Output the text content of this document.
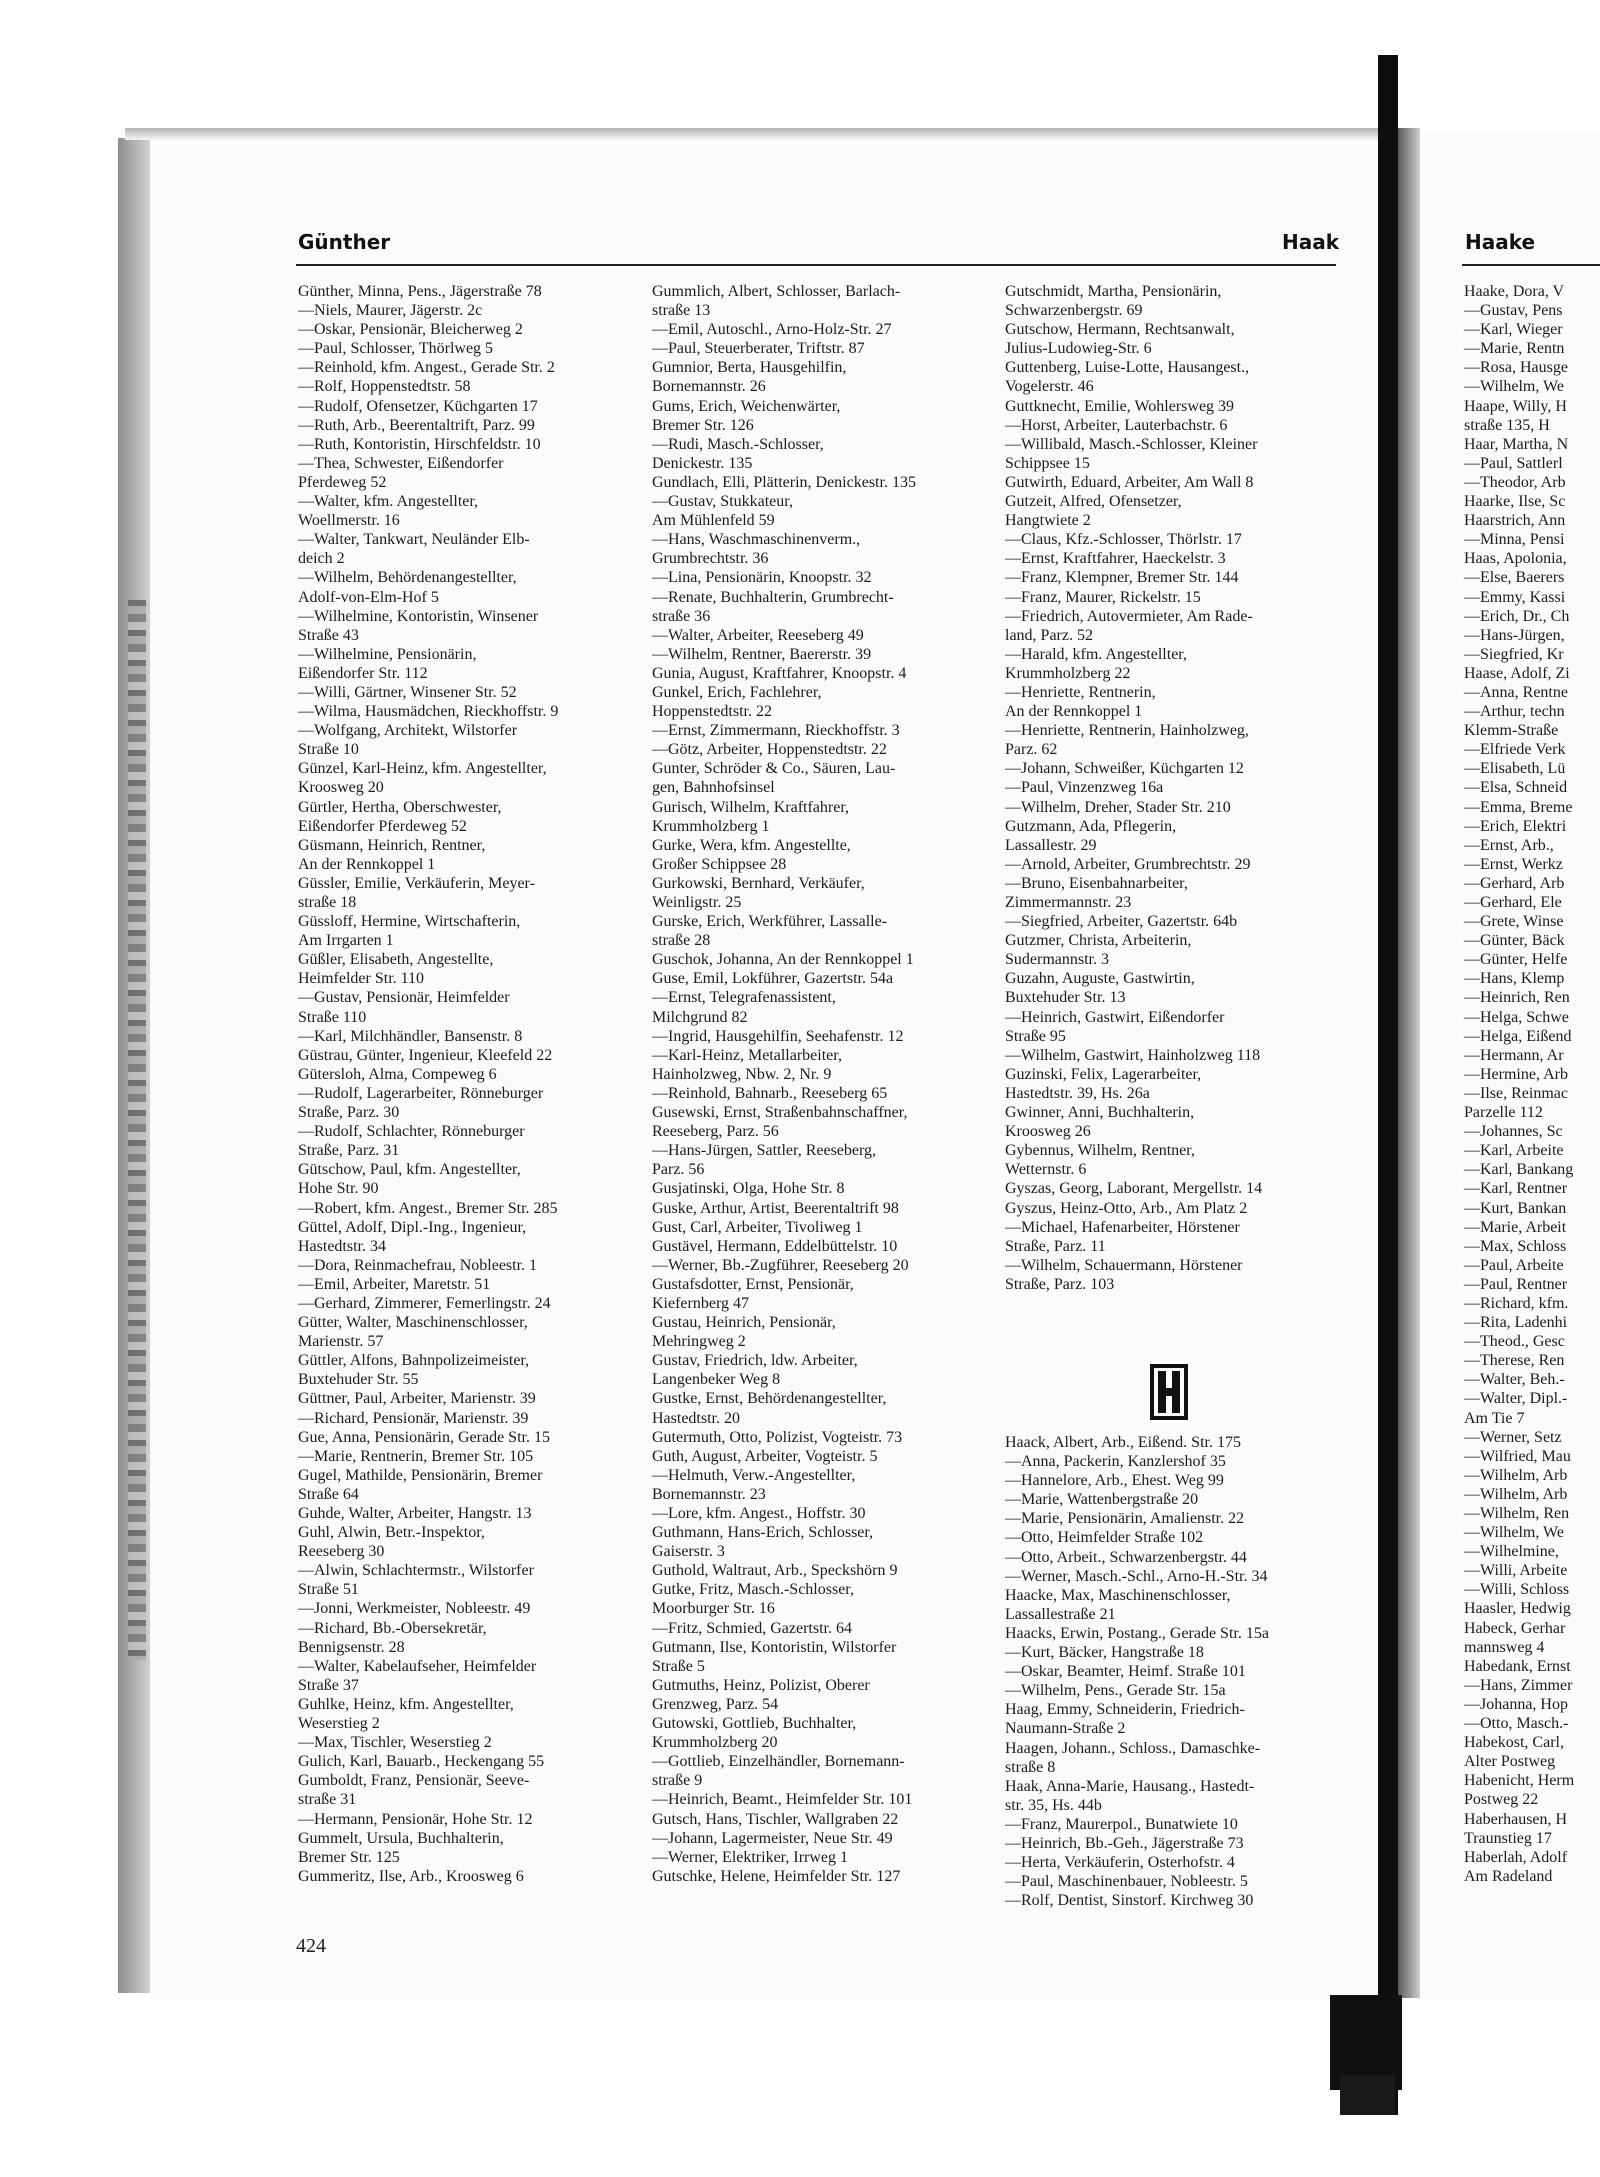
Günther	Haak	Haake
Günther, Minna, Pens., Jägerstraße 78
—Niels, Maurer, Jägerstr. 2c
—Oskar, Pensionär, Bleicherweg 2
—Paul, Schlosser, Thörlweg 5
—Reinhold, kfm. Angest., Gerade Str. 2
—Rolf, Hoppenstedtstr. 58
—Rudolf, Ofensetzer, Küchgarten 17
—Ruth, Arb., Beerentaltrift, Parz. 99
—Ruth, Kontoristin, Hirschfeldstr. 10
—Thea, Schwester, Eißendorfer
Pferdeweg 52
—Walter, kfm. Angestellter,
Woellmerstr. 16
—Walter, Tankwart, Neuländer Elb-
deich 2
—Wilhelm, Behördenangestellter,
Adolf-von-Elm-Hof 5
—Wilhelmine, Kontoristin, Winsener
Straße 43
—Wilhelmine, Pensionärin,
Eißendorfer Str. 112
—Willi, Gärtner, Winsener Str. 52
—Wilma, Hausmädchen, Rieckhoffstr. 9
—Wolfgang, Architekt, Wilstorfer
Straße 10
Günzel, Karl-Heinz, kfm. Angestellter,
Kroosweg 20
Gürtler, Hertha, Oberschwester,
Eißendorfer Pferdeweg 52
Güsmann, Heinrich, Rentner,
An der Rennkoppel 1
Güssler, Emilie, Verkäuferin, Meyer-
straße 18
Güssloff, Hermine, Wirtschafterin,
Am Irrgarten 1
Güßler, Elisabeth, Angestellte,
Heimfelder Str. 110
—Gustav, Pensionär, Heimfelder
Straße 110
—Karl, Milchhändler, Bansenstr. 8
Güstrau, Günter, Ingenieur, Kleefeld 22
Gütersloh, Alma, Compeweg 6
—Rudolf, Lagerarbeiter, Rönneburger
Straße, Parz. 30
—Rudolf, Schlachter, Rönneburger
Straße, Parz. 31
Gütschow, Paul, kfm. Angestellter,
Hohe Str. 90
—Robert, kfm. Angest., Bremer Str. 285
Güttel, Adolf, Dipl.-Ing., Ingenieur,
Hastedtstr. 34
—Dora, Reinmachefrau, Nobleestr. 1
—Emil, Arbeiter, Maretstr. 51
—Gerhard, Zimmerer, Femerlingstr. 24
Gütter, Walter, Maschinenschlosser,
Marienstr. 57
Güttler, Alfons, Bahnpolizeimeister,
Buxtehuder Str. 55
Güttner, Paul, Arbeiter, Marienstr. 39
—Richard, Pensionär, Marienstr. 39
Gue, Anna, Pensionärin, Gerade Str. 15
—Marie, Rentnerin, Bremer Str. 105
Gugel, Mathilde, Pensionärin, Bremer
Straße 64
Guhde, Walter, Arbeiter, Hangstr. 13
Guhl, Alwin, Betr.-Inspektor,
Reeseberg 30
—Alwin, Schlachtermstr., Wilstorfer
Straße 51
—Jonni, Werkmeister, Nobleestr. 49
—Richard, Bb.-Obersekretär,
Bennigsenstr. 28
—Walter, Kabelaufseher, Heimfelder
Straße 37
Guhlke, Heinz, kfm. Angestellter,
Weserstieg 2
—Max, Tischler, Weserstieg 2
Gulich, Karl, Bauarb., Heckengang 55
Gumboldt, Franz, Pensionär, Seeve-
straße 31
—Hermann, Pensionär, Hohe Str. 12
Gummelt, Ursula, Buchhalterin,
Bremer Str. 125
Gummeritz, Ilse, Arb., Kroosweg 6
Gummlich, Albert, Schlosser, Barlach-
straße 13
—Emil, Autoschl., Arno-Holz-Str. 27
—Paul, Steuerberater, Triftstr. 87
Gumnior, Berta, Hausgehilfin,
Bornemannstr. 26
Gums, Erich, Weichenwärter,
Bremer Str. 126
—Rudi, Masch.-Schlosser,
Denickestr. 135
Gundlach, Elli, Plätterin, Denickestr. 135
—Gustav, Stukkateur,
Am Mühlenfeld 59
—Hans, Waschmaschinenverm.,
Grumbrechtstr. 36
—Lina, Pensionärin, Knoopstr. 32
—Renate, Buchhalterin, Grumbrecht-
straße 36
—Walter, Arbeiter, Reeseberg 49
—Wilhelm, Rentner, Baererstr. 39
Gunia, August, Kraftfahrer, Knoopstr. 4
Gunkel, Erich, Fachlehrer,
Hoppenstedtstr. 22
—Ernst, Zimmermann, Rieckhoffstr. 3
—Götz, Arbeiter, Hoppenstedtstr. 22
Gunter, Schröder & Co., Säuren, Lau-
gen, Bahnhofsinsel
Gurisch, Wilhelm, Kraftfahrer,
Krummholzberg 1
Gurke, Wera, kfm. Angestellte,
Großer Schippsee 28
Gurkowski, Bernhard, Verkäufer,
Weinligstr. 25
Gurske, Erich, Werkführer, Lassalle-
straße 28
Guschok, Johanna, An der Rennkoppel 1
Guse, Emil, Lokführer, Gazertstr. 54a
—Ernst, Telegrafenassistent,
Milchgrund 82
—Ingrid, Hausgehilfin, Seehafenstr. 12
—Karl-Heinz, Metallarbeiter,
Hainholzweg, Nbw. 2, Nr. 9
—Reinhold, Bahnarb., Reeseberg 65
Gusewski, Ernst, Straßenbahnschaffner,
Reeseberg, Parz. 56
—Hans-Jürgen, Sattler, Reeseberg,
Parz. 56
Gusjatinski, Olga, Hohe Str. 8
Guske, Arthur, Artist, Beerentaltrift 98
Gust, Carl, Arbeiter, Tivoliweg 1
Gustävel, Hermann, Eddelbüttelstr. 10
—Werner, Bb.-Zugführer, Reeseberg 20
Gustafsdotter, Ernst, Pensionär,
Kiefernberg 47
Gustau, Heinrich, Pensionär,
Mehringweg 2
Gustav, Friedrich, ldw. Arbeiter,
Langenbeker Weg 8
Gustke, Ernst, Behördenangestellter,
Hastedtstr. 20
Gutermuth, Otto, Polizist, Vogteistr. 73
Guth, August, Arbeiter, Vogteistr. 5
—Helmuth, Verw.-Angestellter,
Bornemannstr. 23
—Lore, kfm. Angest., Hoffstr. 30
Guthmann, Hans-Erich, Schlosser,
Gaiserstr. 3
Guthold, Waltraut, Arb., Speckshörn 9
Gutke, Fritz, Masch.-Schlosser,
Moorburger Str. 16
—Fritz, Schmied, Gazertstr. 64
Gutmann, Ilse, Kontoristin, Wilstorfer
Straße 5
Gutmuths, Heinz, Polizist, Oberer
Grenzweg, Parz. 54
Gutowski, Gottlieb, Buchhalter,
Krummholzberg 20
—Gottlieb, Einzelhändler, Bornemann-
straße 9
—Heinrich, Beamt., Heimfelder Str. 101
Gutsch, Hans, Tischler, Wallgraben 22
—Johann, Lagermeister, Neue Str. 49
—Werner, Elektriker, Irrweg 1
Gutschke, Helene, Heimfelder Str. 127
Gutschmidt, Martha, Pensionärin,
Schwarzenbergstr. 69
Gutschow, Hermann, Rechtsanwalt,
Julius-Ludowieg-Str. 6
Guttenberg, Luise-Lotte, Hausangest.,
Vogelerstr. 46
Guttknecht, Emilie, Wohlersweg 39
—Horst, Arbeiter, Lauterbachstr. 6
—Willibald, Masch.-Schlosser, Kleiner
Schippsee 15
Gutwirth, Eduard, Arbeiter, Am Wall 8
Gutzeit, Alfred, Ofensetzer,
Hangtwiete 2
—Claus, Kfz.-Schlosser, Thörlstr. 17
—Ernst, Kraftfahrer, Haeckelstr. 3
—Franz, Klempner, Bremer Str. 144
—Franz, Maurer, Rickelstr. 15
—Friedrich, Autovermieter, Am Rade-
land, Parz. 52
—Harald, kfm. Angestellter,
Krummholzberg 22
—Henriette, Rentnerin,
An der Rennkoppel 1
—Henriette, Rentnerin, Hainholzweg,
Parz. 62
—Johann, Schweißer, Küchgarten 12
—Paul, Vinzenzweg 16a
—Wilhelm, Dreher, Stader Str. 210
Gutzmann, Ada, Pflegerin,
Lassallestr. 29
—Arnold, Arbeiter, Grumbrechtstr. 29
—Bruno, Eisenbahnarbeiter,
Zimmermannstr. 23
—Siegfried, Arbeiter, Gazertstr. 64b
Gutzmer, Christa, Arbeiterin,
Sudermannstr. 3
Guzahn, Auguste, Gastwirtin,
Buxtehuder Str. 13
—Heinrich, Gastwirt, Eißendorfer
Straße 95
—Wilhelm, Gastwirt, Hainholzweg 118
Guzinski, Felix, Lagerarbeiter,
Hastedtstr. 39, Hs. 26a
Gwinner, Anni, Buchhalterin,
Kroosweg 26
Gybennus, Wilhelm, Rentner,
Wetternstr. 6
Gyszas, Georg, Laborant, Mergellstr. 14
Gyszus, Heinz-Otto, Arb., Am Platz 2
—Michael, Hafenarbeiter, Hörstener
Straße, Parz. 11
—Wilhelm, Schauermann, Hörstener
Straße, Parz. 103
Haack, Albert, Arb., Eißend. Str. 175
—Anna, Packerin, Kanzlershof 35
—Hannelore, Arb., Ehest. Weg 99
—Marie, Wattenbergstraße 20
—Marie, Pensionärin, Amalienstr. 22
—Otto, Heimfelder Straße 102
—Otto, Arbeit., Schwarzenbergstr. 44
—Werner, Masch.-Schl., Arno-H.-Str. 34
Haacke, Max, Maschinenschlosser,
Lassallestraße 21
Haacks, Erwin, Postang., Gerade Str. 15a
—Kurt, Bäcker, Hangstraße 18
—Oskar, Beamter, Heimf. Straße 101
—Wilhelm, Pens., Gerade Str. 15a
Haag, Emmy, Schneiderin, Friedrich-
Naumann-Straße 2
Haagen, Johann., Schloss., Damaschke-
straße 8
Haak, Anna-Marie, Hausang., Hastedt-
str. 35, Hs. 44b
—Franz, Maurerpol., Bunatwiete 10
—Heinrich, Bb.-Geh., Jägerstraße 73
—Herta, Verkäuferin, Osterhofstr. 4
—Paul, Maschinenbauer, Nobleestr. 5
—Rolf, Dentist, Sinstorf. Kirchweg 30
Haake, Dora, V
—Gustav, Pens
—Karl, Wieger
—Marie, Rentn
—Rosa, Hausge
—Wilhelm, We
Haape, Willy, H
straße 135, H
Haar, Martha, N
—Paul, Sattlerl
—Theodor, Arb
Haarke, Ilse, Sc
Haarstrich, Ann
—Minna, Pensi
Haas, Apolonia,
—Else, Baerers
—Emmy, Kassi
—Erich, Dr., Ch
—Hans-Jürgen,
—Siegfried, Kr
Haase, Adolf, Zi
—Anna, Rentne
—Arthur, techn
Klemm-Straße
—Elfriede Verk
—Elisabeth, Lü
—Elsa, Schneid
—Emma, Breme
—Erich, Elektri
—Ernst, Arb.,
—Ernst, Werkz
—Gerhard, Arb
—Gerhard, Ele
—Grete, Winse
—Günter, Bäck
—Günter, Helfe
—Hans, Klemp
—Heinrich, Ren
—Helga, Schwe
—Helga, Eißend
—Hermann, Ar
—Hermine, Arb
—Ilse, Reinmac
Parzelle 112
—Johannes, Sc
—Karl, Arbeite
—Karl, Bankang
—Karl, Rentner
—Kurt, Bankan
—Marie, Arbeit
—Max, Schloss
—Paul, Arbeite
—Paul, Rentner
—Richard, kfm.
—Rita, Ladenhi
—Theod., Gesc
—Therese, Ren
—Walter, Beh.-
—Walter, Dipl.-
Am Tie 7
—Werner, Setz
—Wilfried, Mau
—Wilhelm, Arb
—Wilhelm, Arb
—Wilhelm, Ren
—Wilhelm, We
—Wilhelmine,
—Willi, Arbeite
—Willi, Schloss
Haasler, Hedwig
Habeck, Gerhar
mannsweg 4
Habedank, Ernst
—Hans, Zimmer
—Johanna, Hop
—Otto, Masch.-
Habekost, Carl,
Alter Postweg
Habenicht, Herm
Postweg 22
Haberhausen, H
Traunstieg 17
Haberlah, Adolf
Am Radeland
424
